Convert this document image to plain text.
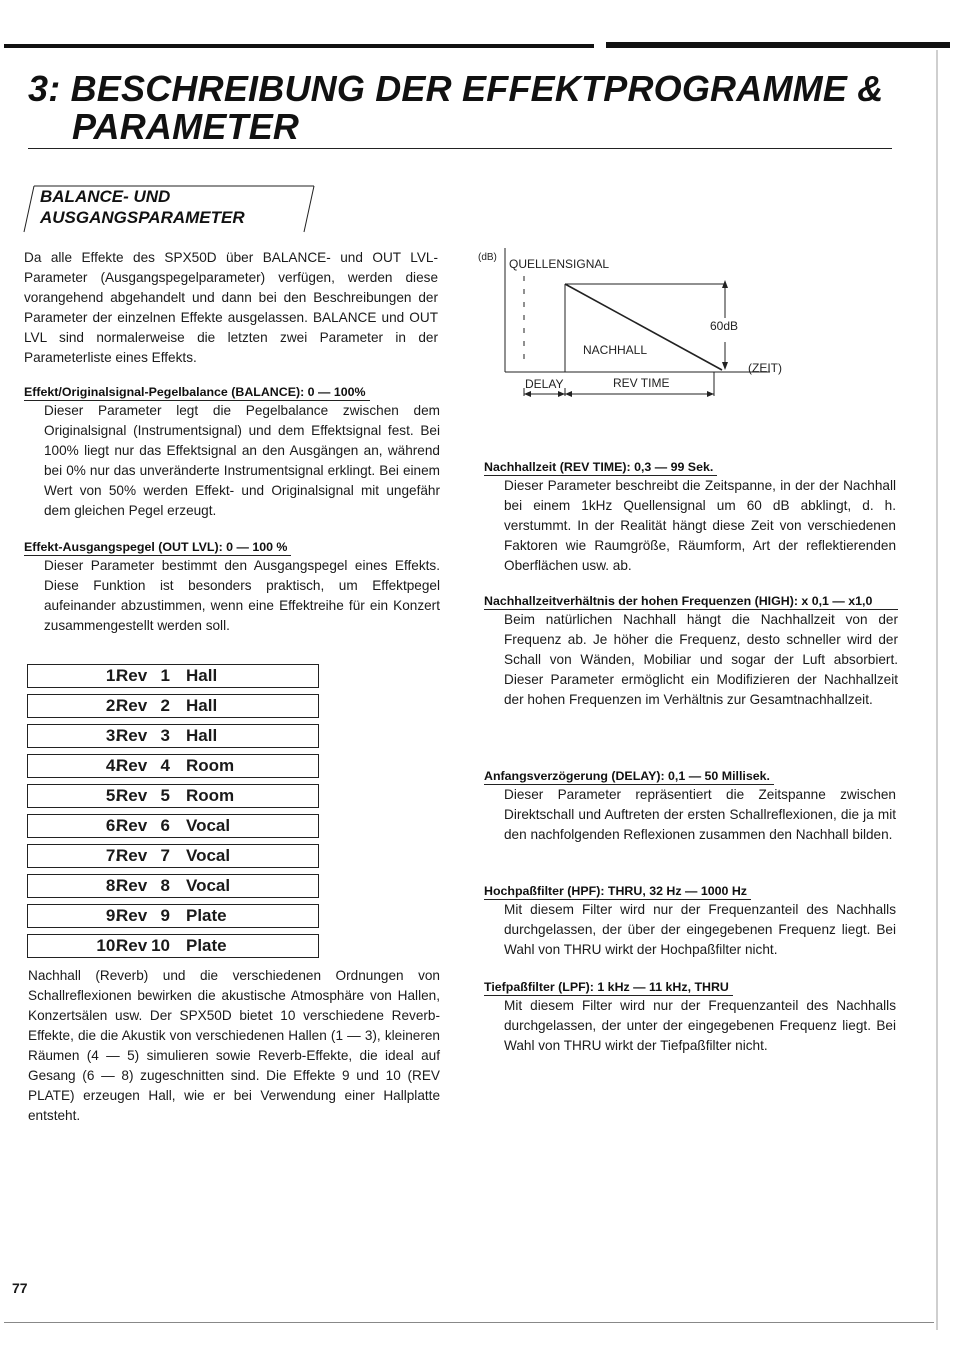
3: BESCHREIBUNG DER EFFEKTPROGRAMME &
PARAMETER
BALANCE- UND
AUSGANGSPARAMETER
Da alle Effekte des SPX50D über BALANCE- und OUT LVL-Parameter (Ausgangspegelparameter) verfügen, werden diese vorangehend abgehandelt und dann bei den Beschreibungen der Parameter der einzelnen Effekte ausgelassen. BALANCE und OUT LVL sind normalerweise die letzten zwei Parameter in der Parameterliste eines Effekts.
Effekt/Originalsignal-Pegelbalance (BALANCE): 0 — 100%
Dieser Parameter legt die Pegelbalance zwischen dem Originalsignal (Instrumentsignal) und dem Effektsignal fest. Bei 100% liegt nur das Effektsignal an den Ausgängen an, während bei 0% nur das unveränderte Instrumentsignal erklingt. Bei einem Wert von 50% werden Effekt- und Originalsignal mit ungefähr dem gleichen Pegel erzeugt.
Effekt-Ausgangspegel (OUT LVL): 0 — 100 %
Dieser Parameter bestimmt den Ausgangspegel eines Effekts. Diese Funktion ist besonders praktisch, um Effektpegel aufeinander abzustimmen, wenn eine Effektreihe für ein Konzert zusammengestellt werden soll.
1.
Rev 1 Hall
2.
Rev 2 Hall
3.
Rev 3 Hall
4.
Rev 4 Room
5.
Rev 5 Room
6.
Rev 6 Vocal
7.
Rev 7 Vocal
8.
Rev 8 Vocal
9.
Rev 9 Plate
10.
Rev 10 Plate
Nachhall (Reverb) und die verschiedenen Ordnungen von Schallreflexionen bewirken die akustische Atmosphäre von Hallen, Konzertsälen usw. Der SPX50D bietet 10 verschiedene Reverb-Effekte, die die Akustik von verschiedenen Hallen (1 — 3), kleineren Räumen (4 — 5) simulieren sowie Reverb-Effekte, die ideal auf Gesang (6 — 8) zugeschnitten sind. Die Effekte 9 und 10 (REV PLATE) erzeugen Hall, wie er bei Verwendung einer Hallplatte entsteht.
(dB) QUELLENSIGNAL
60dB
NACHHALL
(ZEIT)
DELAY	REV TIME
Nachhallzeit (REV TIME): 0,3 — 99 Sek.
Dieser Parameter beschreibt die Zeitspanne, in der der Nachhall bei einem 1kHz Quellensignal um 60 dB abklingt, d. h. verstummt. In der Realität hängt diese Zeit von verschiedenen Faktoren wie Raumgröße, Räumform, Art der reflektierenden Oberflächen usw. ab.
Nachhallzeitverhältnis der hohen Frequenzen (HIGH): x 0,1 — x1,0
Beim natürlichen Nachhall hängt die Nachhallzeit von der Frequenz ab. Je höher die Frequenz, desto schneller wird der Schall von Wänden, Mobiliar und sogar der Luft absorbiert. Dieser Parameter ermöglicht ein Modifizieren der Nachhallzeit der hohen Frequenzen im Verhältnis zur Gesamtnachhallzeit.
Anfangsverzögerung (DELAY): 0,1 — 50 Millisek.
Dieser Parameter repräsentiert die Zeitspanne zwischen Direktschall und Auftreten der ersten Schallreflexionen, die ja mit den nachfolgenden Reflexionen zusammen den Nachhall bilden.
Hochpaßfilter (HPF): THRU, 32 Hz — 1000 Hz
Mit diesem Filter wird nur der Frequenzanteil des Nachhalls durchgelassen, der über der eingegebenen Frequenz liegt. Bei Wahl von THRU wirkt der Hochpaßfilter nicht.
Tiefpaßfilter (LPF): 1 kHz — 11 kHz, THRU
Mit diesem Filter wird nur der Frequenzanteil des Nachhalls durchgelassen, der unter der eingegebenen Frequenz liegt. Bei Wahl von THRU wirkt der Tiefpaßfilter nicht.
77
